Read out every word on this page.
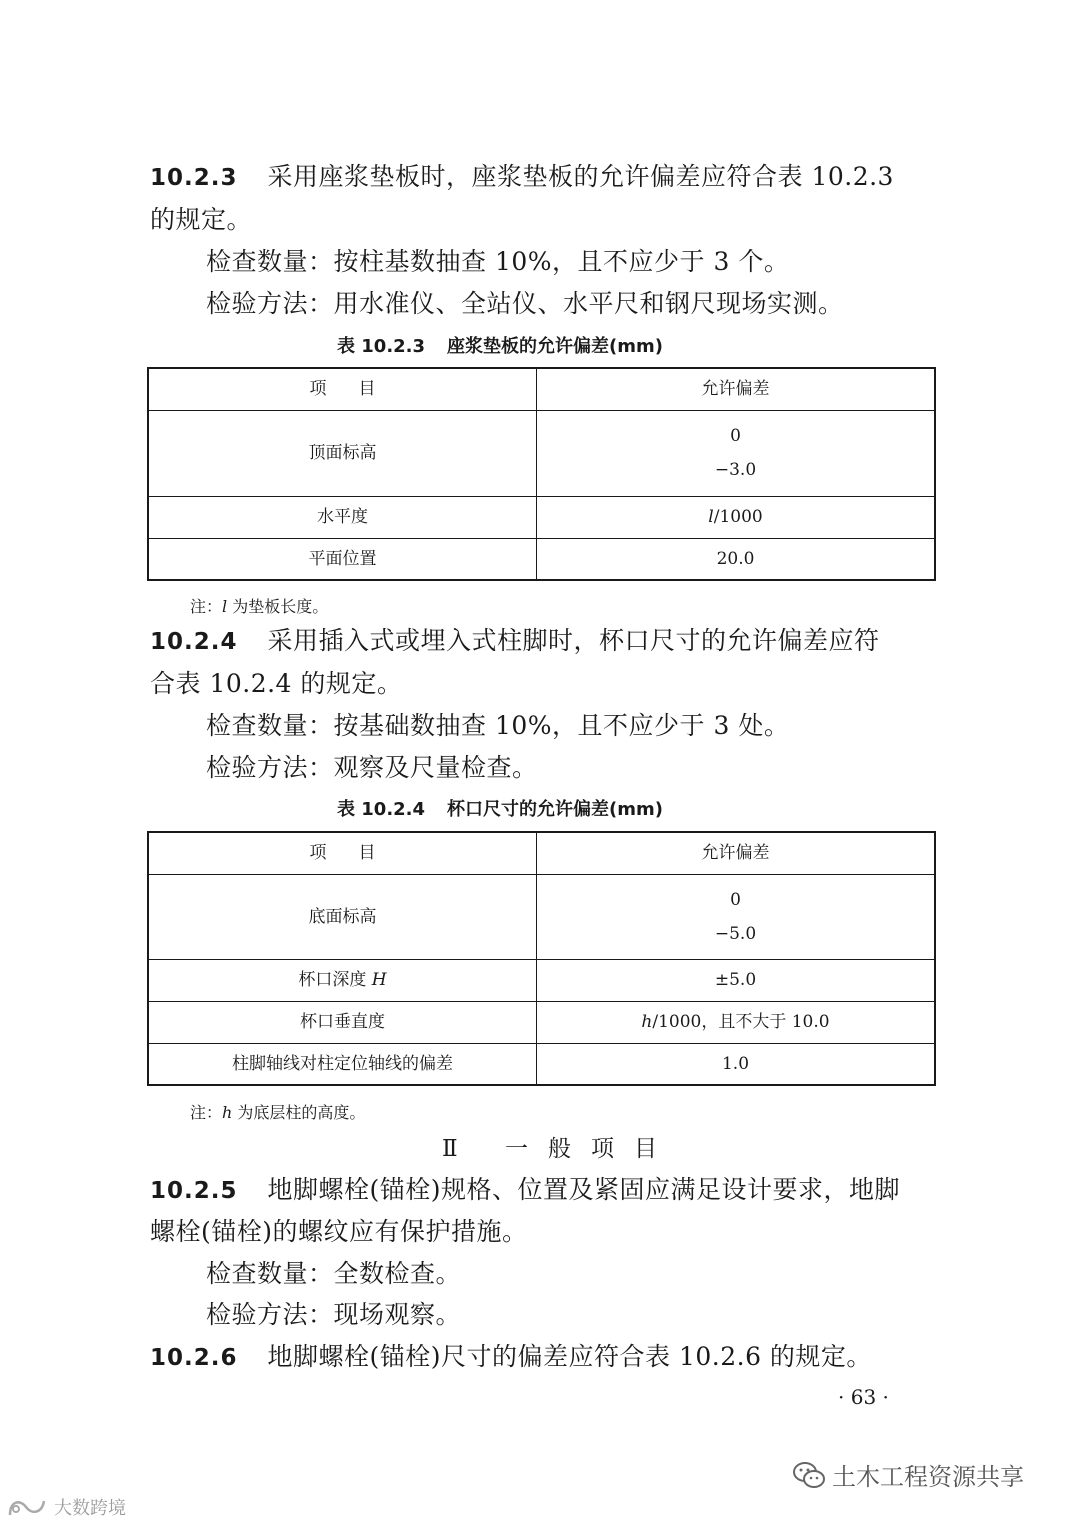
10.2.3 采用座浆垫板时，座浆垫板的允许偏差应符合表 10.2.3
的规定。
检查数量：按柱基数抽查 10%，且不应少于 3 个。
检验方法：用水准仪、全站仪、水平尺和钢尺现场实测。
表 10.2.3 座浆垫板的允许偏差(mm)
项目	允许偏差
顶面标高	0
−3.0

水平度	l/1000
平面位置	20.0
注：l 为垫板长度。
10.2.4 采用插入式或埋入式柱脚时，杯口尺寸的允许偏差应符
合表 10.2.4 的规定。
检查数量：按基础数抽查 10%，且不应少于 3 处。
检验方法：观察及尺量检查。
表 10.2.4 杯口尺寸的允许偏差(mm)
项目	允许偏差
底面标高	0
−5.0

杯口深度 H	±5.0
杯口垂直度	h/1000，且不大于 10.0
柱脚轴线对柱定位轴线的偏差	1.0
注：h 为底层柱的高度。
Ⅱ 一般项目
10.2.5 地脚螺栓(锚栓)规格、位置及紧固应满足设计要求，地脚
螺栓(锚栓)的螺纹应有保护措施。
检查数量：全数检查。
检验方法：现场观察。
10.2.6 地脚螺栓(锚栓)尺寸的偏差应符合表 10.2.6 的规定。
· 63 ·
土木工程资源共享
大数跨境
